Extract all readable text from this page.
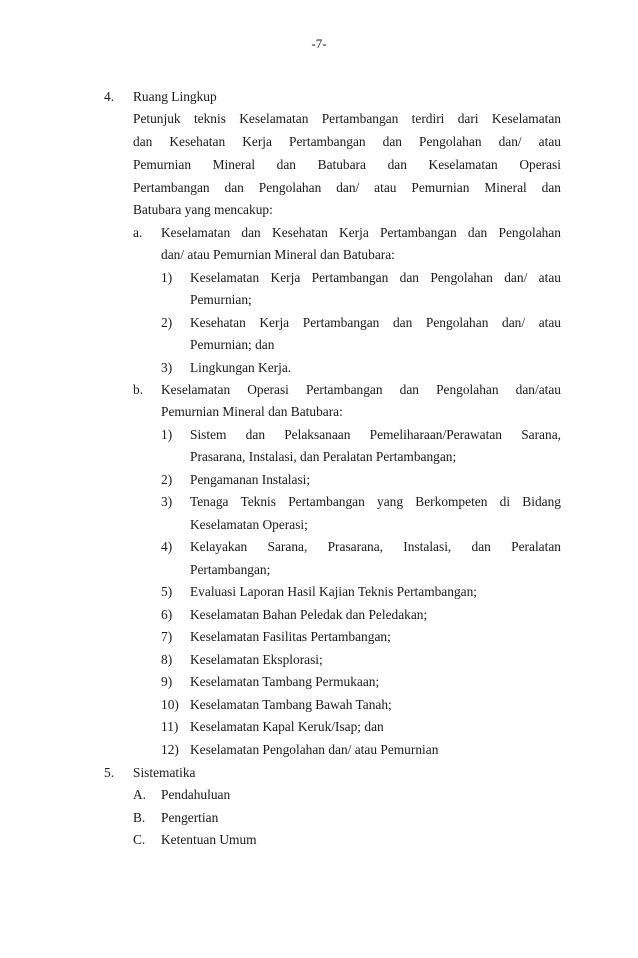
-7-
4. Ruang Lingkup
Petunjuk teknis Keselamatan Pertambangan terdiri dari Keselamatan
dan Kesehatan Kerja Pertambangan dan Pengolahan dan/ atau
Pemurnian Mineral dan Batubara dan Keselamatan Operasi
Pertambangan dan Pengolahan dan/ atau Pemurnian Mineral dan
Batubara yang mencakup:
a. Keselamatan dan Kesehatan Kerja Pertambangan dan Pengolahan
dan/ atau Pemurnian Mineral dan Batubara:
1) Keselamatan Kerja Pertambangan dan Pengolahan dan/ atau
Pemurnian;
2) Kesehatan Kerja Pertambangan dan Pengolahan dan/ atau
Pemurnian; dan
3) Lingkungan Kerja.
b. Keselamatan Operasi Pertambangan dan Pengolahan dan/atau
Pemurnian Mineral dan Batubara:
1) Sistem dan Pelaksanaan Pemeliharaan/Perawatan Sarana,
Prasarana, Instalasi, dan Peralatan Pertambangan;
2) Pengamanan Instalasi;
3) Tenaga Teknis Pertambangan yang Berkompeten di Bidang
Keselamatan Operasi;
4) Kelayakan Sarana, Prasarana, Instalasi, dan Peralatan
Pertambangan;
5) Evaluasi Laporan Hasil Kajian Teknis Pertambangan;
6) Keselamatan Bahan Peledak dan Peledakan;
7) Keselamatan Fasilitas Pertambangan;
8) Keselamatan Eksplorasi;
9) Keselamatan Tambang Permukaan;
10) Keselamatan Tambang Bawah Tanah;
11) Keselamatan Kapal Keruk/Isap; dan
12) Keselamatan Pengolahan dan/ atau Pemurnian
5. Sistematika
A. Pendahuluan
B. Pengertian
C. Ketentuan Umum
